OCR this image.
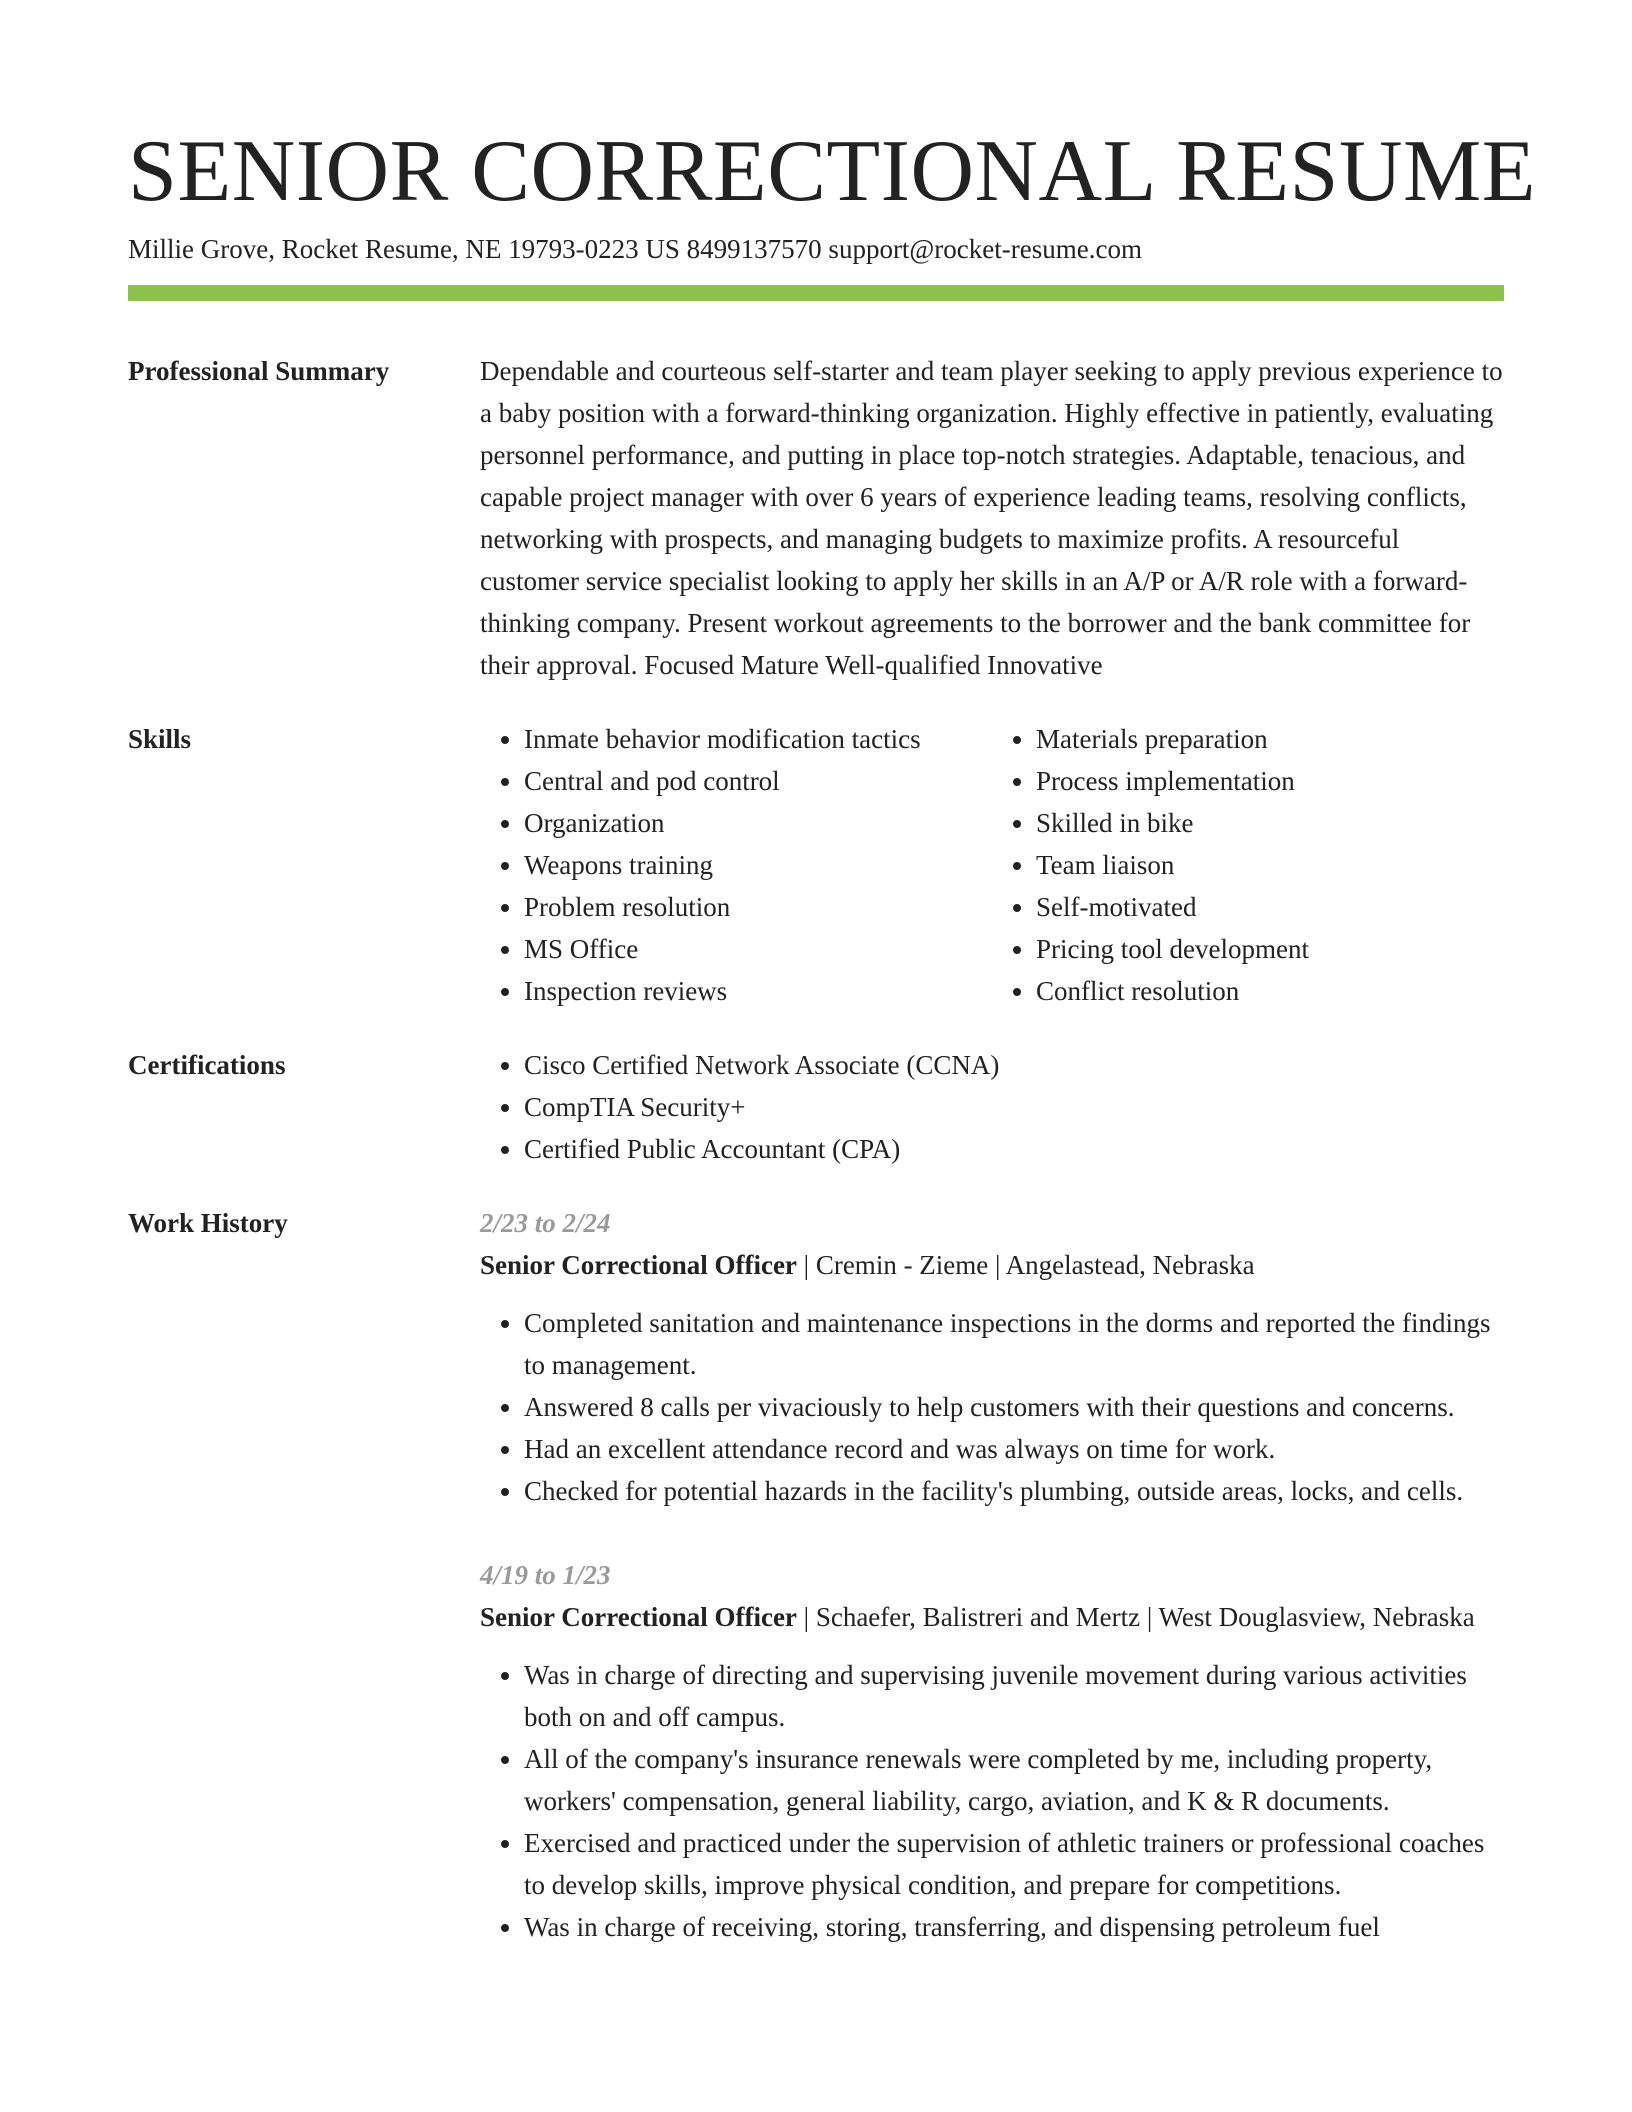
SENIOR CORRECTIONAL RESUME
Millie Grove, Rocket Resume, NE 19793-0223 US 8499137570 support@rocket-resume.com
Professional Summary	Dependable and courteous self-starter and team player seeking to apply previous experience to a baby position with a forward-thinking organization. Highly effective in patiently, evaluating personnel performance, and putting in place top-notch strategies. Adaptable, tenacious, and capable project manager with over 6 years of experience leading teams, resolving conflicts, networking with prospects, and managing budgets to maximize profits. A resourceful customer service specialist looking to apply her skills in an A/P or A/R role with a forward-thinking company. Present workout agreements to the borrower and the bank committee for their approval. Focused Mature Well-qualified Innovative

Skills	• Inmate behavior modification tactics
• Central and pod control
• Organization
• Weapons training
• Problem resolution
• MS Office
• Inspection reviews
• Materials preparation
• Process implementation
• Skilled in bike
• Team liaison
• Self-motivated
• Pricing tool development
• Conflict resolution
Certifications	• Cisco Certified Network Associate (CCNA)
• CompTIA Security+
• Certified Public Accountant (CPA)
Work History	2/23 to 2/24
Senior Correctional Officer | Cremin - Zieme | Angelastead, Nebraska
• Completed sanitation and maintenance inspections in the dorms and reported the findings to management.
• Answered 8 calls per vivaciously to help customers with their questions and concerns.
• Had an excellent attendance record and was always on time for work.
• Checked for potential hazards in the facility's plumbing, outside areas, locks, and cells.
4/19 to 1/23
Senior Correctional Officer | Schaefer, Balistreri and Mertz | West Douglasview, Nebraska
• Was in charge of directing and supervising juvenile movement during various activities both on and off campus.
• All of the company's insurance renewals were completed by me, including property, workers' compensation, general liability, cargo, aviation, and K & R documents.
• Exercised and practiced under the supervision of athletic trainers or professional coaches to develop skills, improve physical condition, and prepare for competitions.
• Was in charge of receiving, storing, transferring, and dispensing petroleum fuel
